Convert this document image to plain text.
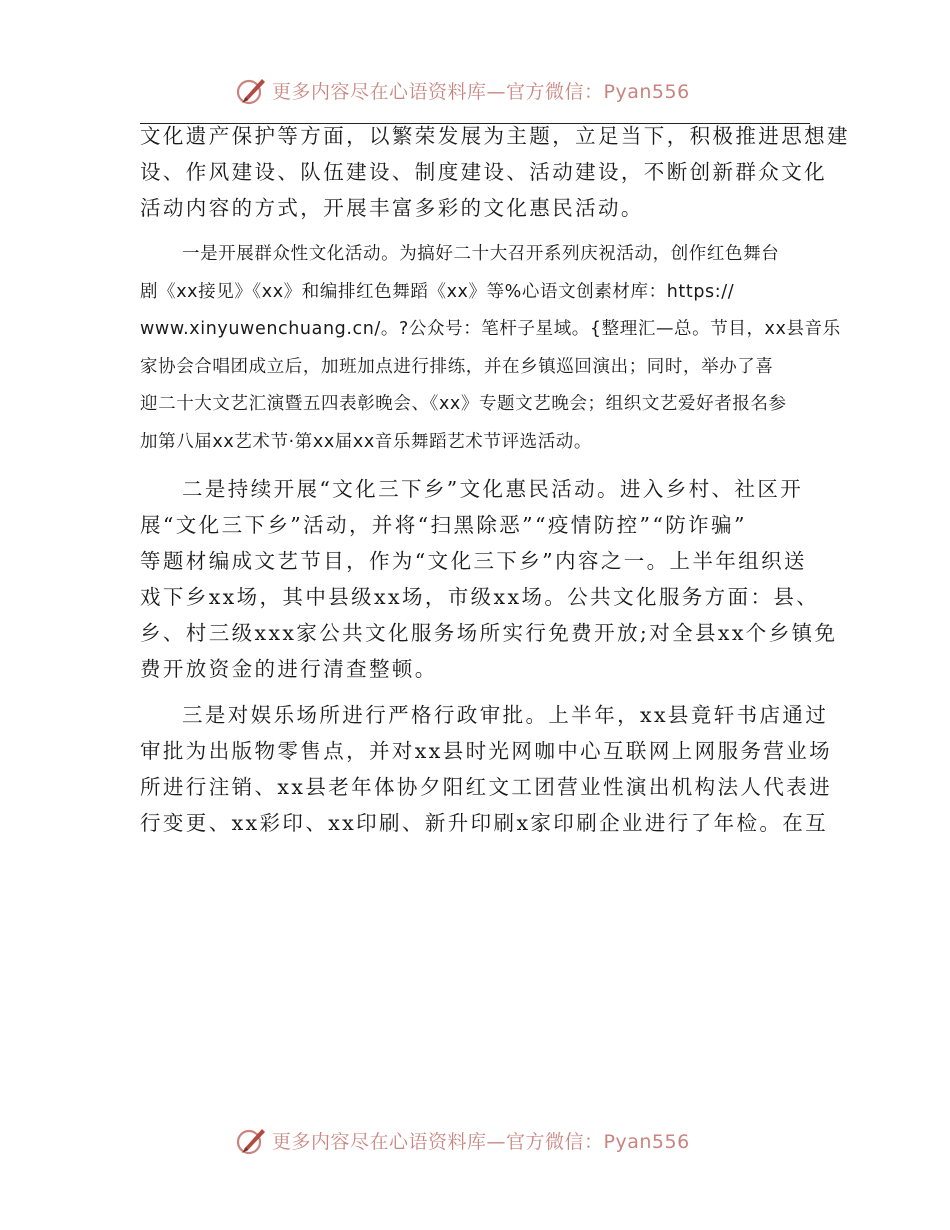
更多内容尽在心语资料库—官方微信：Pyan556

文化遗产保护等方面，以繁荣发展为主题，立足当下，积极推进思想建
设、作风建设、队伍建设、制度建设、活动建设，不断创新群众文化
活动内容的方式，开展丰富多彩的文化惠民活动。

一是开展群众性文化活动。为搞好二十大召开系列庆祝活动，创作红色舞台
剧《xx接见》《xx》和编排红色舞蹈《xx》等%心语文创素材库：https://
www.xinyuwenchuang.cn/。?公众号：笔杆子星域。{整理汇—总。节目，xx县音乐
家协会合唱团成立后，加班加点进行排练，并在乡镇巡回演出；同时，举办了喜
迎二十大文艺汇演暨五四表彰晚会、《xx》专题文艺晚会；组织文艺爱好者报名参
加第八届xx艺术节·第xx届xx音乐舞蹈艺术节评选活动。

二是持续开展“文化三下乡”文化惠民活动。进入乡村、社区开
展“文化三下乡”活动，并将“扫黑除恶”“疫情防控”“防诈骗”
等题材编成文艺节目，作为“文化三下乡”内容之一。上半年组织送
戏下乡xx场，其中县级xx场，市级xx场。公共文化服务方面：县、
乡、村三级xxx家公共文化服务场所实行免费开放;对全县xx个乡镇免
费开放资金的进行清查整顿。

三是对娱乐场所进行严格行政审批。上半年，xx县竟轩书店通过
审批为出版物零售点，并对xx县时光网咖中心互联网上网服务营业场
所进行注销、xx县老年体协夕阳红文工团营业性演出机构法人代表进
行变更、xx彩印、xx印刷、新升印刷x家印刷企业进行了年检。在互

更多内容尽在心语资料库—官方微信：Pyan556
